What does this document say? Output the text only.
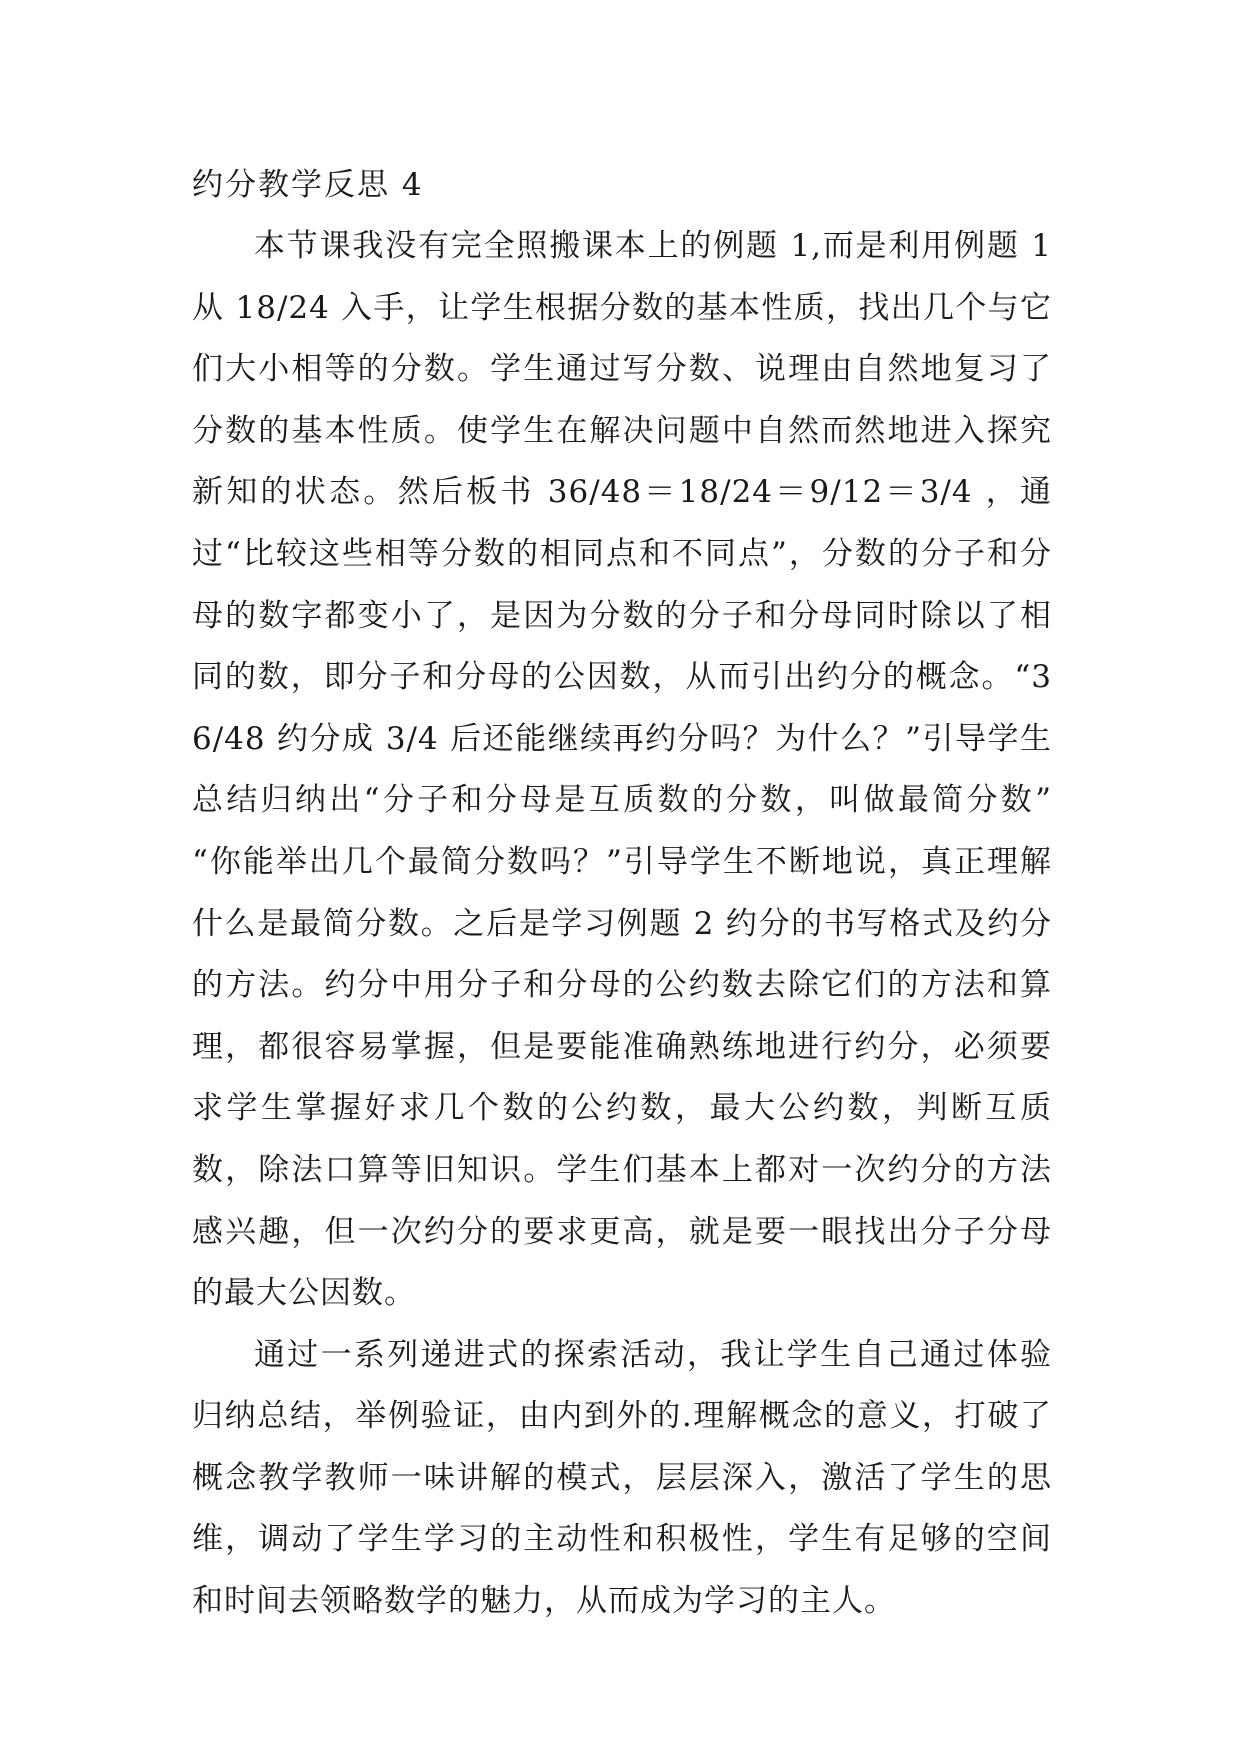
约分教学反思 4

本节课我没有完全照搬课本上的例题 1,而是利用例题 1 从 18/24 入手，让学生根据分数的基本性质，找出几个与它们大小相等的分数。学生通过写分数、说理由自然地复习了分数的基本性质。使学生在解决问题中自然而然地进入探究新知的状态。然后板书 36/48＝18/24＝9/12＝3/4 ，通过“比较这些相等分数的相同点和不同点”，分数的分子和分母的数字都变小了，是因为分数的分子和分母同时除以了相同的数，即分子和分母的公因数，从而引出约分的概念。“36/48 约分成 3/4 后还能继续再约分吗？为什么？”引导学生总结归纳出“分子和分母是互质数的分数，叫做最简分数” “你能举出几个最简分数吗？”引导学生不断地说，真正理解什么是最简分数。之后是学习例题 2 约分的书写格式及约分的方法。约分中用分子和分母的公约数去除它们的方法和算理，都很容易掌握，但是要能准确熟练地进行约分，必须要求学生掌握好求几个数的公约数，最大公约数，判断互质数，除法口算等旧知识。学生们基本上都对一次约分的方法感兴趣，但一次约分的要求更高，就是要一眼找出分子分母的最大公因数。

通过一系列递进式的探索活动，我让学生自己通过体验归纳总结，举例验证，由内到外的.理解概念的意义，打破了概念教学教师一味讲解的模式，层层深入，激活了学生的思维，调动了学生学习的主动性和积极性，学生有足够的空间和时间去领略数学的魅力，从而成为学习的主人。
